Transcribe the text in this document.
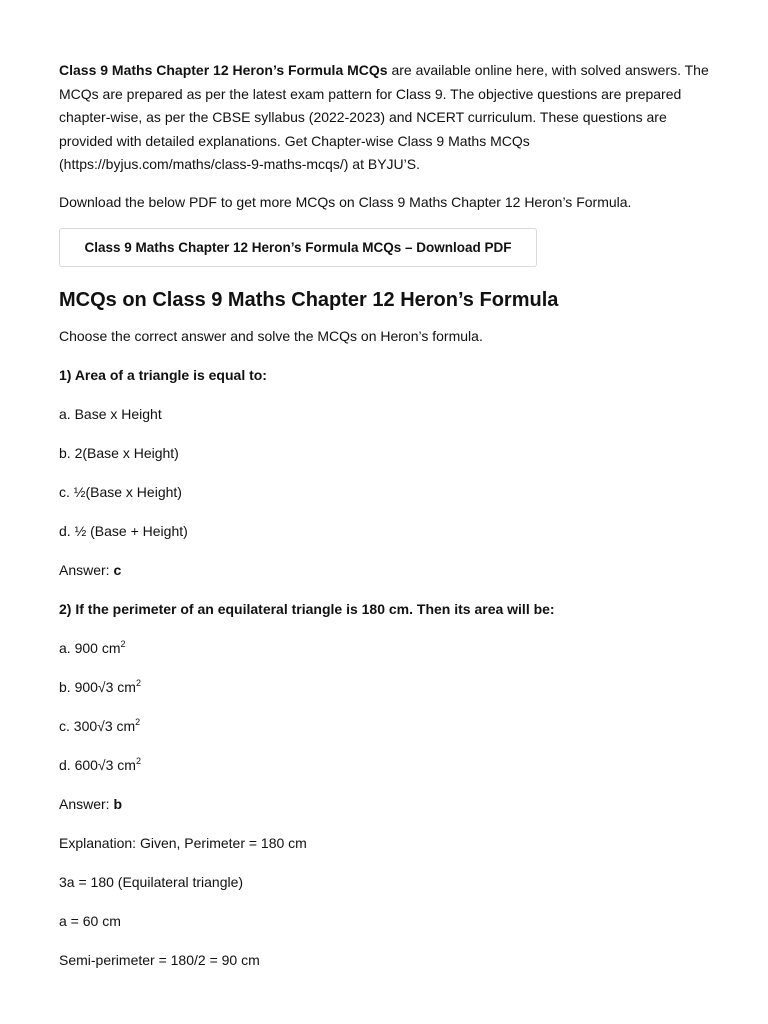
Class 9 Maths Chapter 12 Heron’s Formula MCQs are available online here, with solved answers. The MCQs are prepared as per the latest exam pattern for Class 9. The objective questions are prepared chapter-wise, as per the CBSE syllabus (2022-2023) and NCERT curriculum. These questions are provided with detailed explanations. Get Chapter-wise Class 9 Maths MCQs (https://byjus.com/maths/class-9-maths-mcqs/) at BYJU’S.

Download the below PDF to get more MCQs on Class 9 Maths Chapter 12 Heron’s Formula.

Class 9 Maths Chapter 12 Heron’s Formula MCQs – Download PDF
MCQs on Class 9 Maths Chapter 12 Heron’s Formula

Choose the correct answer and solve the MCQs on Heron’s formula.

1) Area of a triangle is equal to:

a. Base x Height

b. 2(Base x Height)

c. ½(Base x Height)

d. ½ (Base + Height)

Answer: c

2) If the perimeter of an equilateral triangle is 180 cm. Then its area will be:

a. 900 $cm^2$

b. 900√3 $cm^2$

c. 300√3 $cm^2$

d. 600√3 $cm^2$

Answer: b

Explanation: Given, Perimeter = 180 cm

3a = 180 (Equilateral triangle)

a = 60 cm

Semi-perimeter = 180/2 = 90 cm
